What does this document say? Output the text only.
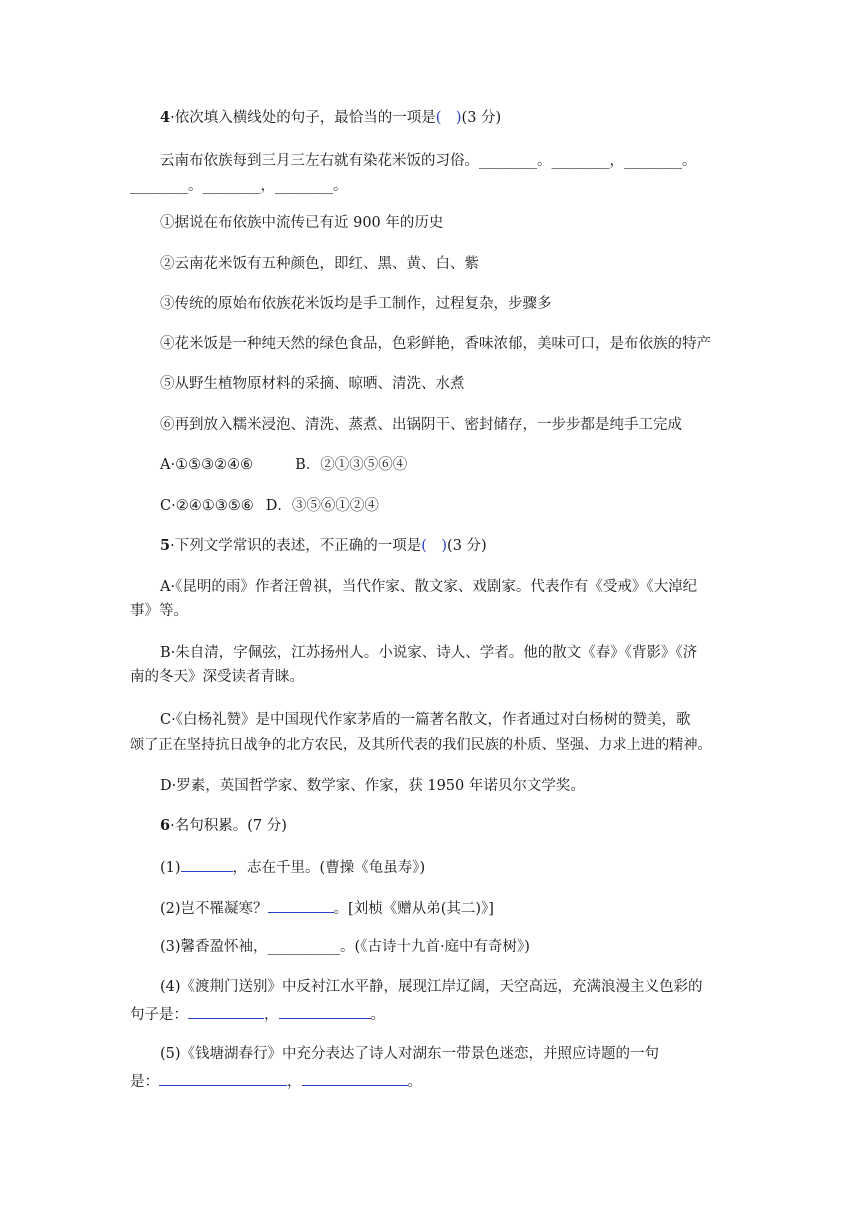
4·依次填入横线处的句子，最恰当的一项是(　)(3 分)
云南布依族每到三月三左右就有染花米饭的习俗。________。________，________。
________。________，________。
①据说在布依族中流传已有近 900 年的历史
②云南花米饭有五种颜色，即红、黑、黄、白、紫
③传统的原始布依族花米饭均是手工制作，过程复杂，步骤多
④花米饭是一种纯天然的绿色食品，色彩鲜艳，香味浓郁，美味可口，是布依族的特产
⑤从野生植物原材料的采摘、晾晒、清洗、水煮
⑥再到放入糯米浸泡、清洗、蒸煮、出锅阴干、密封储存，一步步都是纯手工完成
A·①⑤③②④⑥	B．②①③⑤⑥④
C·②④①③⑤⑥ D．③⑤⑥①②④
5·下列文学常识的表述，不正确的一项是(　)(3 分)
A·《昆明的雨》作者汪曾祺，当代作家、散文家、戏剧家。代表作有《受戒》《大淖纪
事》等。
B·朱自清，字佩弦，江苏扬州人。小说家、诗人、学者。他的散文《春》《背影》《济
南的冬天》深受读者青睐。
C·《白杨礼赞》是中国现代作家茅盾的一篇著名散文，作者通过对白杨树的赞美，歌
颂了正在坚持抗日战争的北方农民，及其所代表的我们民族的朴质、坚强、力求上进的精神。
D·罗素，英国哲学家、数学家、作家，获 1950 年诺贝尔文学奖。
6·名句积累。(7 分)
(1)	，志在千里。(曹操《龟虽寿》)
(2)岂不罹凝寒？	。[刘桢《赠从弟(其二)》]
(3)馨香盈怀袖，__________。(《古诗十九首·庭中有奇树》)
(4)《渡荆门送别》中反衬江水平静，展现江岸辽阔，天空高远，充满浪漫主义色彩的
句子是：	，	。
(5)《钱塘湖春行》中充分表达了诗人对湖东一带景色迷恋，并照应诗题的一句
是：	，	。
